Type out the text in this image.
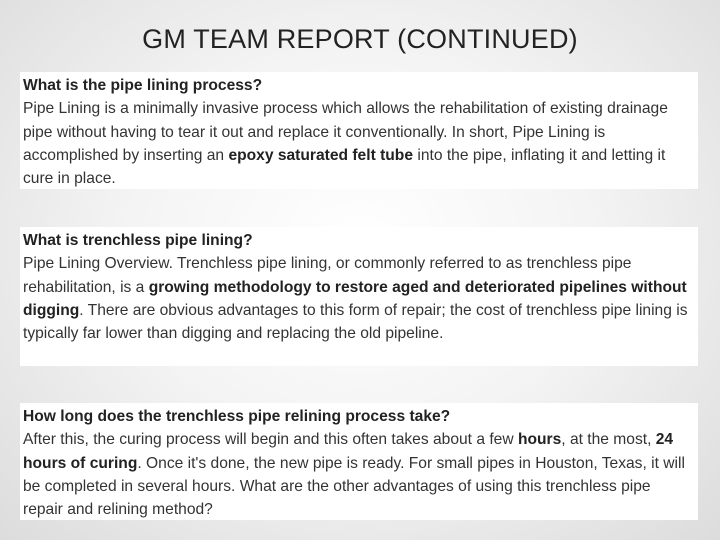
GM TEAM REPORT (CONTINUED)
What is the pipe lining process?
Pipe Lining is a minimally invasive process which allows the rehabilitation of existing drainage pipe without having to tear it out and replace it conventionally. In short, Pipe Lining is accomplished by inserting an epoxy saturated felt tube into the pipe, inflating it and letting it cure in place.
What is trenchless pipe lining?
Pipe Lining Overview. Trenchless pipe lining, or commonly referred to as trenchless pipe rehabilitation, is a growing methodology to restore aged and deteriorated pipelines without digging. There are obvious advantages to this form of repair; the cost of trenchless pipe lining is typically far lower than digging and replacing the old pipeline.
How long does the trenchless pipe relining process take?
After this, the curing process will begin and this often takes about a few hours, at the most, 24 hours of curing. Once it's done, the new pipe is ready. For small pipes in Houston, Texas, it will be completed in several hours. What are the other advantages of using this trenchless pipe repair and relining method?
